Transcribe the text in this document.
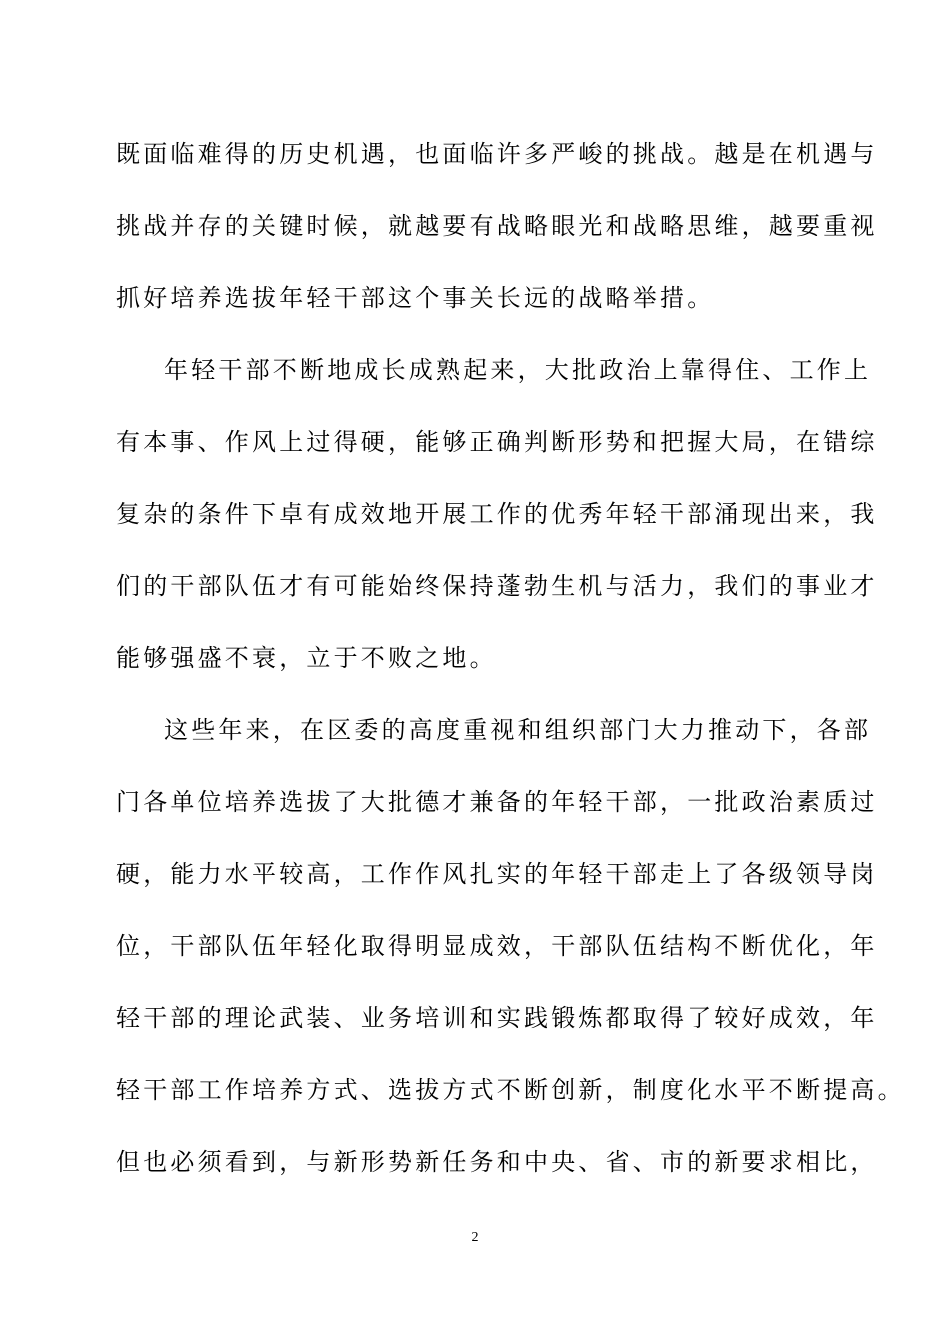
既面临难得的历史机遇，也面临许多严峻的挑战。越是在机遇与
挑战并存的关键时候，就越要有战略眼光和战略思维，越要重视
抓好培养选拔年轻干部这个事关长远的战略举措。
年轻干部不断地成长成熟起来，大批政治上靠得住、工作上
有本事、作风上过得硬，能够正确判断形势和把握大局，在错综
复杂的条件下卓有成效地开展工作的优秀年轻干部涌现出来，我
们的干部队伍才有可能始终保持蓬勃生机与活力，我们的事业才
能够强盛不衰，立于不败之地。
这些年来，在区委的高度重视和组织部门大力推动下，各部
门各单位培养选拔了大批德才兼备的年轻干部，一批政治素质过
硬，能力水平较高，工作作风扎实的年轻干部走上了各级领导岗
位，干部队伍年轻化取得明显成效，干部队伍结构不断优化，年
轻干部的理论武装、业务培训和实践锻炼都取得了较好成效，年
轻干部工作培养方式、选拔方式不断创新，制度化水平不断提高。
但也必须看到，与新形势新任务和中央、省、市的新要求相比，
2
